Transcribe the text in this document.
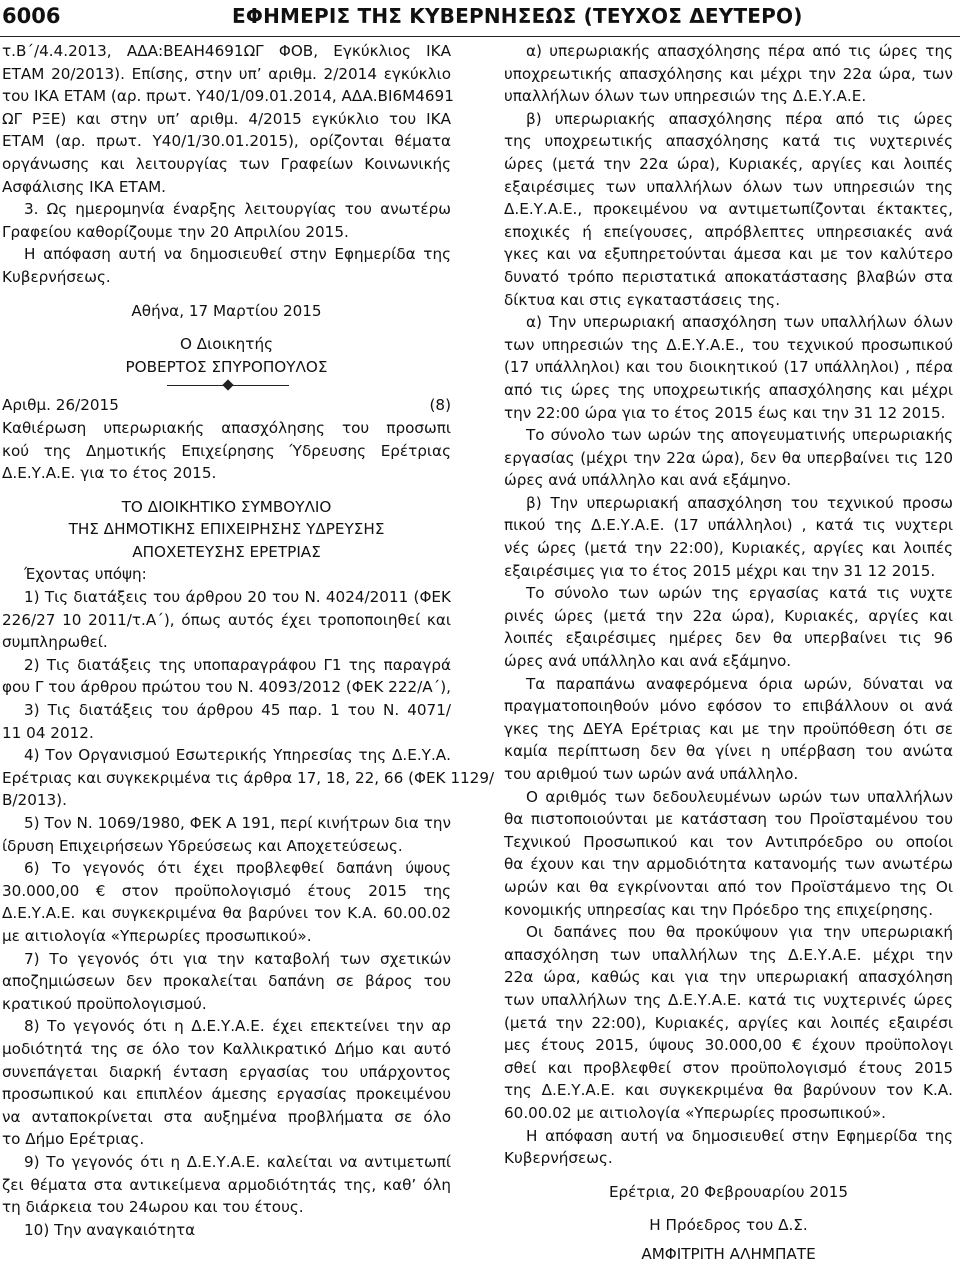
6006	ΕΦΗΜΕΡΙΣ ΤΗΣ ΚΥΒΕΡΝΗΣΕΩΣ (ΤΕΥΧΟΣ ΔΕΥΤΕΡΟ)
τ.Β΄/4.4.2013, ΑΔΑ:ΒΕΑΗ4691ΩΓ ΦΟΒ, Εγκύκλιος ΙΚΑ
ΕΤΑΜ 20/2013). Επίσης, στην υπ’ αριθμ. 2/2014 εγκύκλιο
του ΙΚΑ ΕΤΑΜ (αρ. πρωτ. Υ40/1/09.01.2014, ΑΔΑ.ΒΙ6Μ4691
ΩΓ ΡΞΕ) και στην υπ’ αριθμ. 4/2015 εγκύκλιο του ΙΚΑ
ΕΤΑΜ (αρ. πρωτ. Υ40/1/30.01.2015), ορίζονται θέματα
οργάνωσης και λειτουργίας των Γραφείων Κοινωνικής
Ασφάλισης ΙΚΑ ΕΤΑΜ.
3. Ως ημερομηνία έναρξης λειτουργίας του ανωτέρω
Γραφείου καθορίζουμε την 20 Απριλίου 2015.
Η απόφαση αυτή να δημοσιευθεί στην Εφημερίδα της
Κυβερνήσεως.
Αθήνα, 17 Μαρτίου 2015
Ο Διοικητής
ΡΟΒΕΡΤΟΣ ΣΠΥΡΟΠΟΥΛΟΣ
Αριθμ. 26/2015	(8)
Καθιέρωση υπερωριακής απασχόλησης του προσωπι
κού της Δημοτικής Επιχείρησης Ύδρευσης Ερέτριας
Δ.Ε.Υ.Α.Ε. για το έτος 2015.
ΤΟ ΔΙΟΙΚΗΤΙΚΟ ΣΥΜΒΟΥΛΙΟ
ΤΗΣ ΔΗΜΟΤΙΚΗΣ ΕΠΙΧΕΙΡΗΣΗΣ ΥΔΡΕΥΣΗΣ
ΑΠΟΧΕΤΕΥΣΗΣ ΕΡΕΤΡΙΑΣ
Έχοντας υπόψη:
1) Τις διατάξεις του άρθρου 20 του Ν. 4024/2011 (ΦΕΚ
226/27 10 2011/τ.Α΄), όπως αυτός έχει τροποποιηθεί και
συμπληρωθεί.
2) Τις διατάξεις της υποπαραγράφου Γ1 της παραγρά
φου Γ του άρθρου πρώτου του Ν. 4093/2012 (ΦΕΚ 222/Α΄),
3) Τις διατάξεις του άρθρου 45 παρ. 1 του Ν. 4071/
11 04 2012.
4) Τον Οργανισμού Εσωτερικής Υπηρεσίας της Δ.Ε.Υ.Α.
Ερέτριας και συγκεκριμένα τις άρθρα 17, 18, 22, 66 (ΦΕΚ 1129/
Β/2013).
5) Τον Ν. 1069/1980, ΦΕΚ Α 191, περί κινήτρων δια την
ίδρυση Επιχειρήσεων Υδρεύσεως και Αποχετεύσεως.
6) Το γεγονός ότι έχει προβλεφθεί δαπάνη ύψους
30.000,00 € στον προϋπολογισμό έτους 2015 της
Δ.Ε.Υ.Α.Ε. και συγκεκριμένα θα βαρύνει τον Κ.Α. 60.00.02
με αιτιολογία «Υπερωρίες προσωπικού».
7) Το γεγονός ότι για την καταβολή των σχετικών
αποζημιώσεων δεν προκαλείται δαπάνη σε βάρος του
κρατικού προϋπολογισμού.
8) Το γεγονός ότι η Δ.Ε.Υ.Α.Ε. έχει επεκτείνει την αρ
μοδιότητά της σε όλο τον Καλλικρατικό Δήμο και αυτό
συνεπάγεται διαρκή ένταση εργασίας του υπάρχοντος
προσωπικού και επιπλέον άμεσης εργασίας προκειμένου
να ανταποκρίνεται στα αυξημένα προβλήματα σε όλο
το Δήμο Ερέτριας.
9) Το γεγονός ότι η Δ.Ε.Υ.Α.Ε. καλείται να αντιμετωπί
ζει θέματα στα αντικείμενα αρμοδιότητάς της, καθ’ όλη
τη διάρκεια του 24ωρου και του έτους.
10) Την αναγκαιότητα
α) υπερωριακής απασχόλησης πέρα από τις ώρες της
υποχρεωτικής απασχόλησης και μέχρι την 22α ώρα, των
υπαλλήλων όλων των υπηρεσιών της Δ.Ε.Υ.Α.Ε.
β) υπερωριακής απασχόλησης πέρα από τις ώρες
της υποχρεωτικής απασχόλησης κατά τις νυχτερινές
ώρες (μετά την 22α ώρα), Κυριακές, αργίες και λοιπές
εξαιρέσιμες των υπαλλήλων όλων των υπηρεσιών της
Δ.Ε.Υ.Α.Ε., προκειμένου να αντιμετωπίζονται έκτακτες,
εποχικές ή επείγουσες, απρόβλεπτες υπηρεσιακές ανά
γκες και να εξυπηρετούνται άμεσα και με τον καλύτερο
δυνατό τρόπο περιστατικά αποκατάστασης βλαβών στα
δίκτυα και στις εγκαταστάσεις της.
α) Την υπερωριακή απασχόληση των υπαλλήλων όλων
των υπηρεσιών της Δ.Ε.Υ.Α.Ε., του τεχνικού προσωπικού
(17 υπάλληλοι) και του διοικητικού (17 υπάλληλοι) , πέρα
από τις ώρες της υποχρεωτικής απασχόλησης και μέχρι
την 22:00 ώρα για το έτος 2015 έως και την 31 12 2015.
Το σύνολο των ωρών της απογευματινής υπερωριακής
εργασίας (μέχρι την 22α ώρα), δεν θα υπερβαίνει τις 120
ώρες ανά υπάλληλο και ανά εξάμηνο.
β) Την υπερωριακή απασχόληση του τεχνικού προσω
πικού της Δ.Ε.Υ.Α.Ε. (17 υπάλληλοι) , κατά τις νυχτερι
νές ώρες (μετά την 22:00), Κυριακές, αργίες και λοιπές
εξαιρέσιμες για το έτος 2015 μέχρι και την 31 12 2015.
Το σύνολο των ωρών της εργασίας κατά τις νυχτε
ρινές ώρες (μετά την 22α ώρα), Κυριακές, αργίες και
λοιπές εξαιρέσιμες ημέρες δεν θα υπερβαίνει τις 96
ώρες ανά υπάλληλο και ανά εξάμηνο.
Τα παραπάνω αναφερόμενα όρια ωρών, δύναται να
πραγματοποιηθούν μόνο εφόσον το επιβάλλουν οι ανά
γκες της ΔΕΥΑ Ερέτριας και με την προϋπόθεση ότι σε
καμία περίπτωση δεν θα γίνει η υπέρβαση του ανώτα
του αριθμού των ωρών ανά υπάλληλο.
Ο αριθμός των δεδουλευμένων ωρών των υπαλλήλων
θα πιστοποιούνται με κατάσταση του Προϊσταμένου του
Τεχνικού Προσωπικού και τον Αντιπρόεδρο ου οποίοι
θα έχουν και την αρμοδιότητα κατανομής των ανωτέρω
ωρών και θα εγκρίνονται από τον Προϊστάμενο της Οι
κονομικής υπηρεσίας και την Πρόεδρο της επιχείρησης.
Οι δαπάνες που θα προκύψουν για την υπερωριακή
απασχόληση των υπαλλήλων της Δ.Ε.Υ.Α.Ε. μέχρι την
22α ώρα, καθώς και για την υπερωριακή απασχόληση
των υπαλλήλων της Δ.Ε.Υ.Α.Ε. κατά τις νυχτερινές ώρες
(μετά την 22:00), Κυριακές, αργίες και λοιπές εξαιρέσι
μες έτους 2015, ύψους 30.000,00 € έχουν προϋπολογι
σθεί και προβλεφθεί στον προϋπολογισμό έτους 2015
της Δ.Ε.Υ.Α.Ε. και συγκεκριμένα θα βαρύνουν τον Κ.Α.
60.00.02 με αιτιολογία «Υπερωρίες προσωπικού».
Η απόφαση αυτή να δημοσιευθεί στην Εφημερίδα της
Κυβερνήσεως.
Ερέτρια, 20 Φεβρουαρίου 2015
Η Πρόεδρος του Δ.Σ.
ΑΜΦΙΤΡΙΤΗ ΑΛΗΜΠΑΤΕ
